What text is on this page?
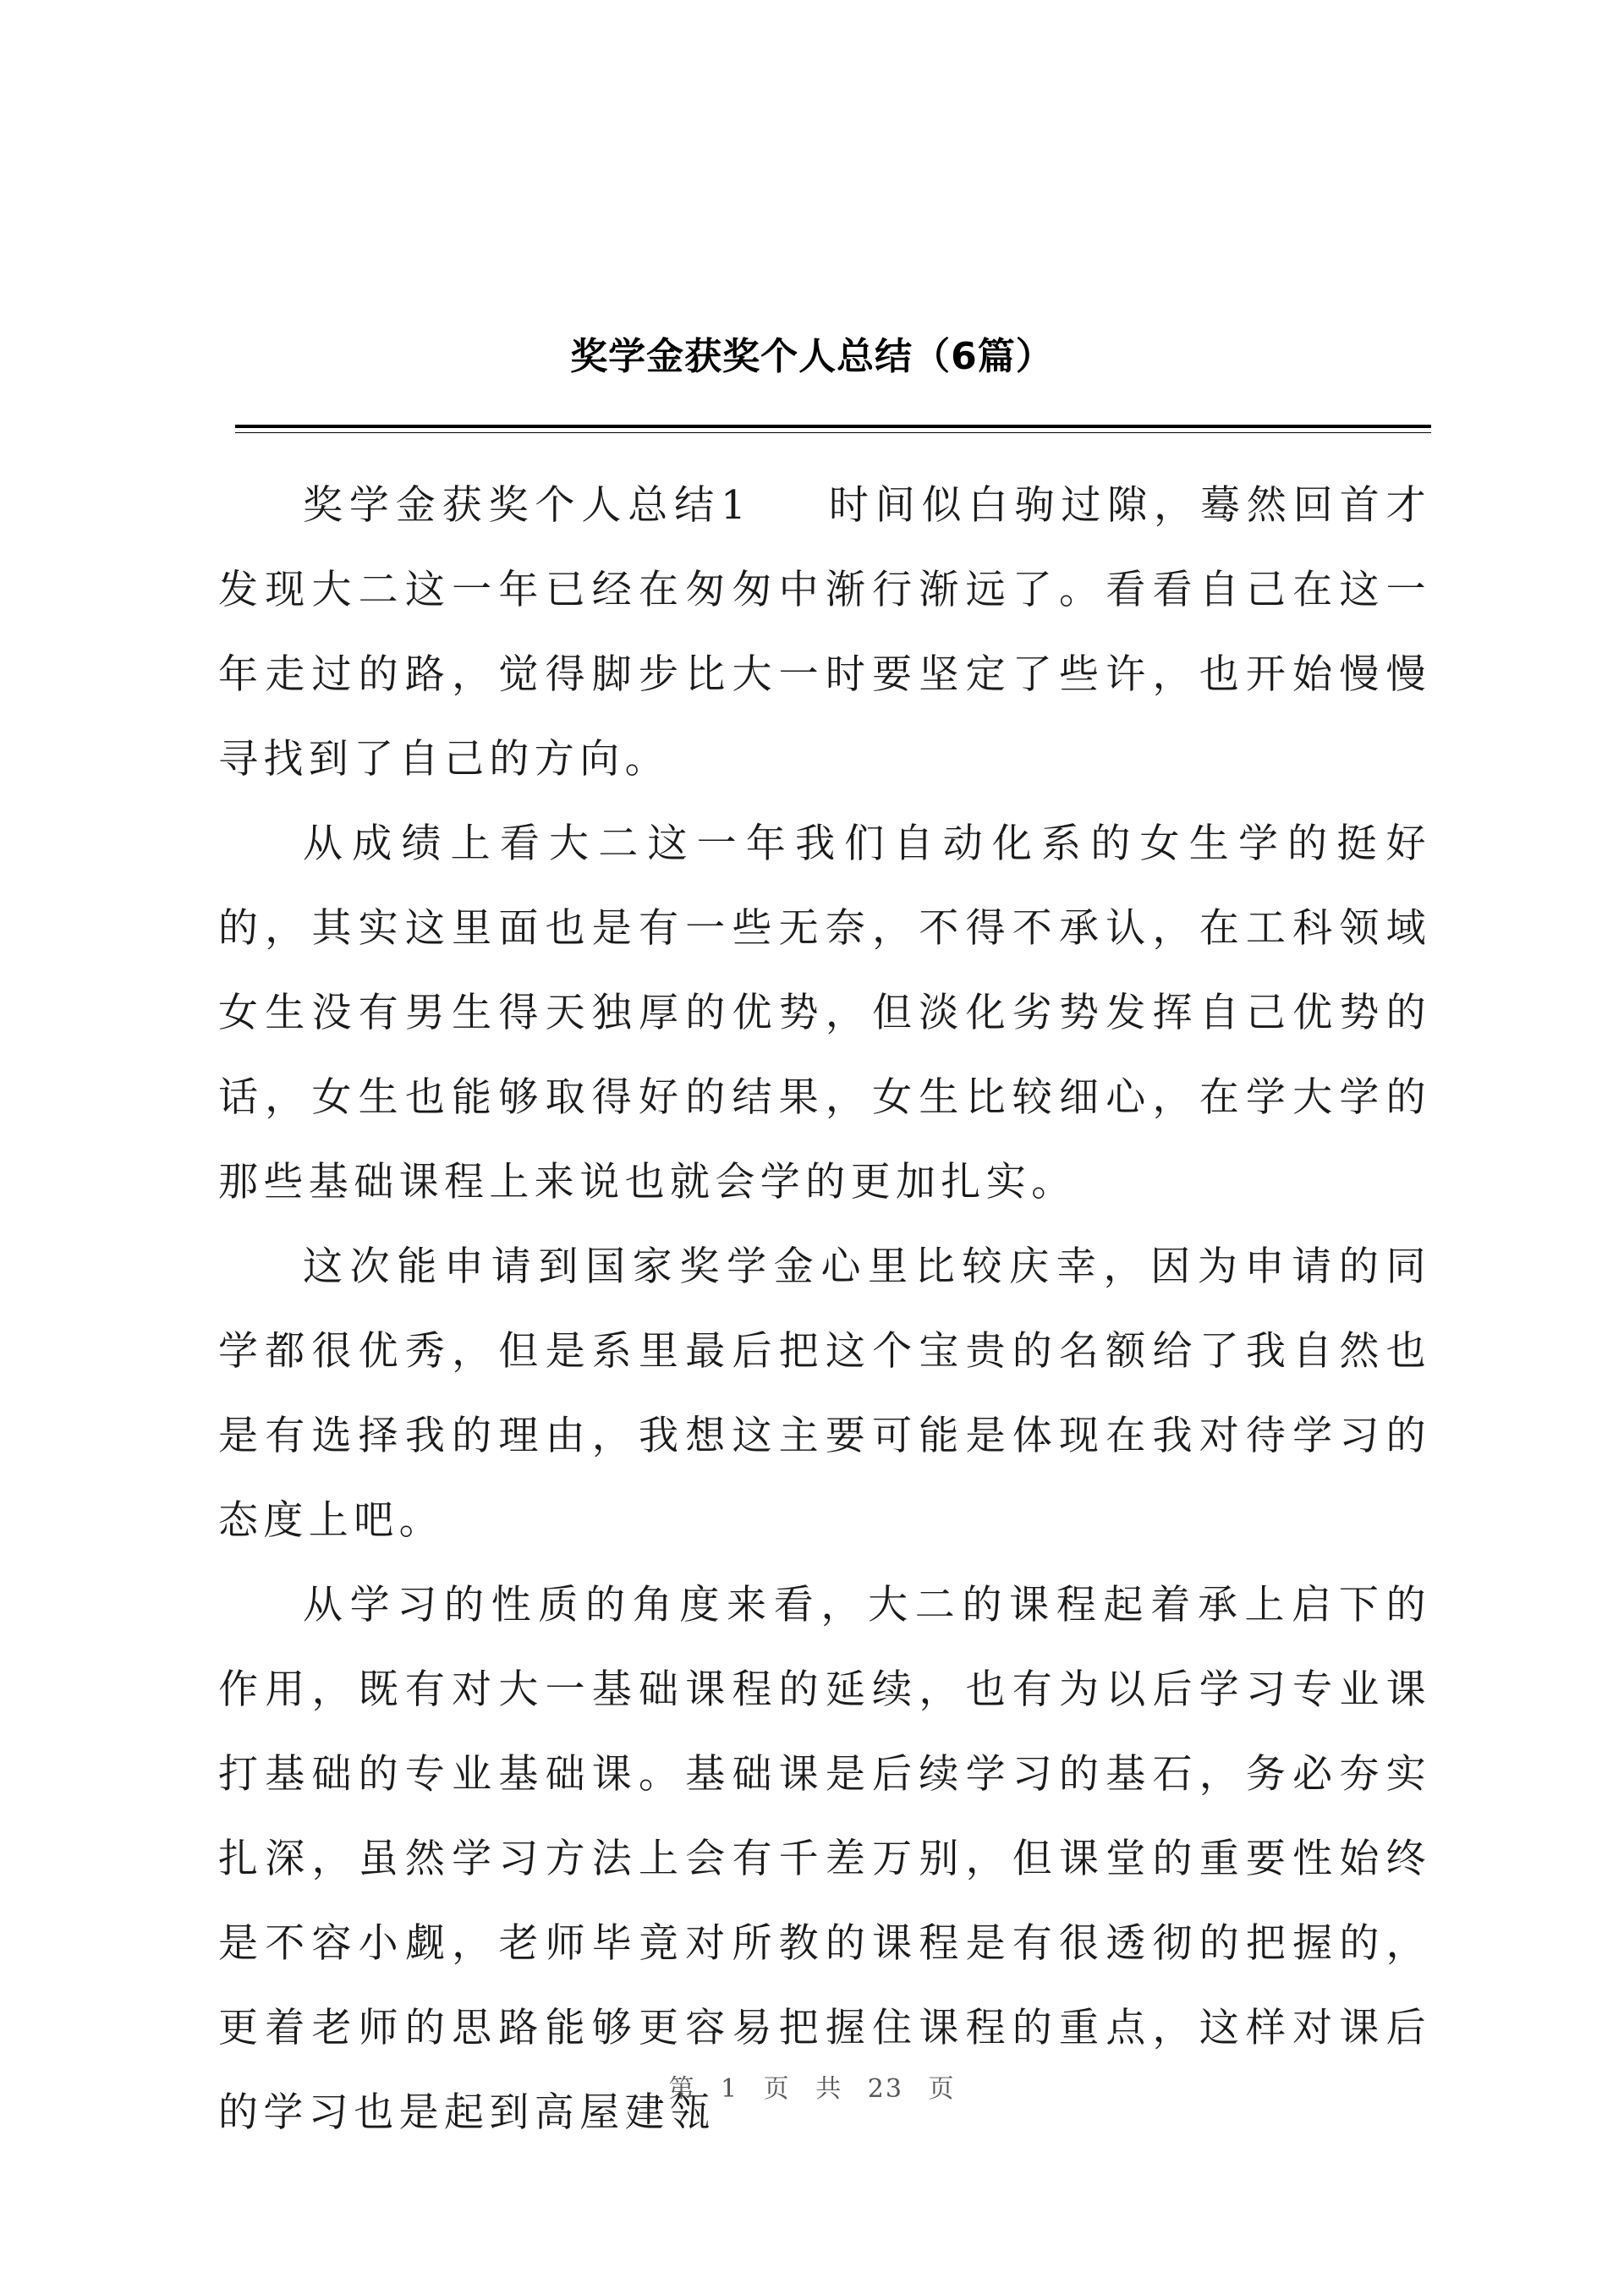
奖学金获奖个人总结（6篇）

奖学金获奖个人总结1 时间似白驹过隙，蓦然回首才发现大二这一年已经在匆匆中渐行渐远了。看看自己在这一年走过的路，觉得脚步比大一时要坚定了些许，也开始慢慢寻找到了自己的方向。

从成绩上看大二这一年我们自动化系的女生学的挺好的，其实这里面也是有一些无奈，不得不承认，在工科领域女生没有男生得天独厚的优势，但淡化劣势发挥自己优势的话，女生也能够取得好的结果，女生比较细心，在学大学的那些基础课程上来说也就会学的更加扎实。

这次能申请到国家奖学金心里比较庆幸，因为申请的同学都很优秀，但是系里最后把这个宝贵的名额给了我自然也是有选择我的理由，我想这主要可能是体现在我对待学习的态度上吧。

从学习的性质的角度来看，大二的课程起着承上启下的作用，既有对大一基础课程的延续，也有为以后学习专业课打基础的专业基础课。基础课是后续学习的基石，务必夯实扎深，虽然学习方法上会有千差万别，但课堂的重要性始终是不容小觑，老师毕竟对所教的课程是有很透彻的把握的，更着老师的思路能够更容易把握住课程的重点，这样对课后的学习也是起到高屋建瓴

第 1 页 共 23 页
